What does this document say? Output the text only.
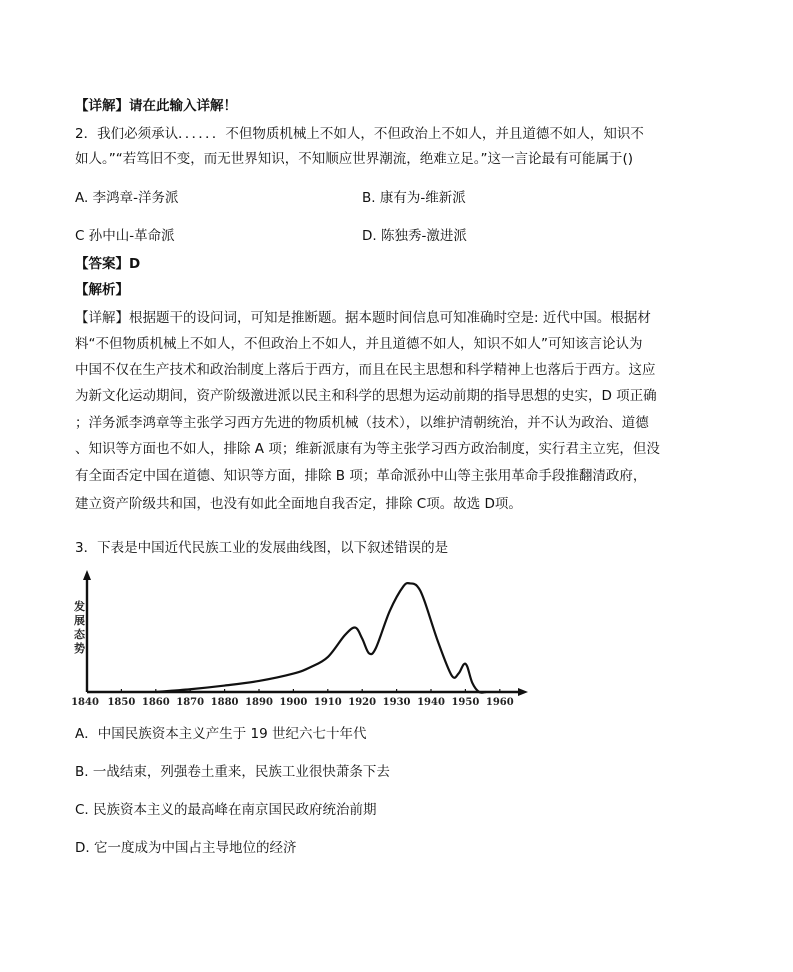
【详解】请在此输入详解！
2．我们必须承认．．．．．．不但物质机械上不如人，不但政治上不如人，并且道德不如人，知识不
如人。”“若笃旧不变，而无世界知识，不知顺应世界潮流，绝难立足。”这一言论最有可能属于()
A. 李鸿章-洋务派	B. 康有为-维新派
C 孙中山-革命派	D. 陈独秀-激进派
【答案】D
【解析】
【详解】根据题干的设问词，可知是推断题。据本题时间信息可知准确时空是: 近代中国。根据材
料“不但物质机械上不如人，不但政治上不如人，并且道德不如人，知识不如人”可知该言论认为
中国不仅在生产技术和政治制度上落后于西方，而且在民主思想和科学精神上也落后于西方。这应
为新文化运动期间，资产阶级激进派以民主和科学的思想为运动前期的指导思想的史实，D 项正确
；洋务派李鸿章等主张学习西方先进的物质机械（技术），以维护清朝统治，并不认为政治、道德
、知识等方面也不如人，排除 A 项；维新派康有为等主张学习西方政治制度，实行君主立宪，但没
有全面否定中国在道德、知识等方面，排除 B 项；革命派孙中山等主张用革命手段推翻清政府，
建立资产阶级共和国，也没有如此全面地自我否定，排除 C项。故选 D项。
3．下表是中国近代民族工业的发展曲线图，以下叙述错误的是
1840 1850 1860 1870 1880 1890 1900 1910 1920 1930 1940 1950 1960
发
展
态
势
A．中国民族资本主义产生于 19 世纪六七十年代
B. 一战结束，列强卷土重来，民族工业很快萧条下去
C. 民族资本主义的最高峰在南京国民政府统治前期
D. 它一度成为中国占主导地位的经济
